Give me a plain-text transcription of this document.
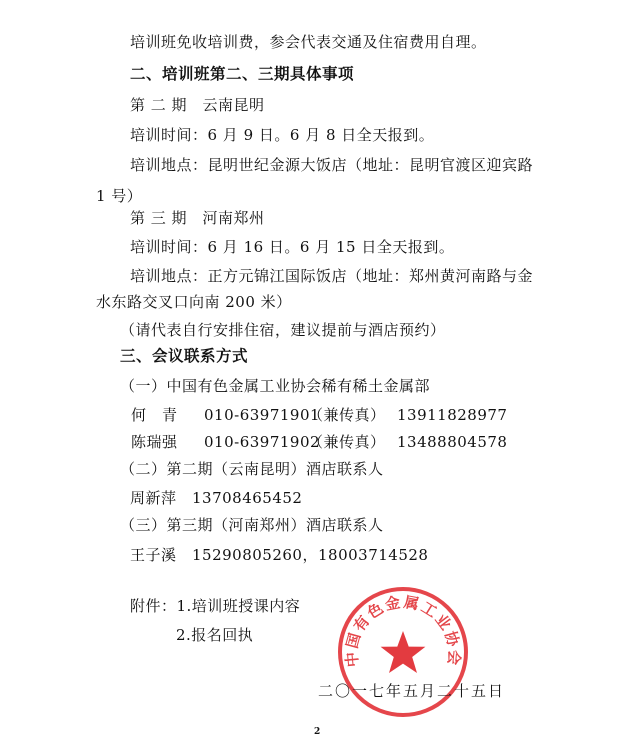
培训班免收培训费，参会代表交通及住宿费用自理。
二、培训班第二、三期具体事项
第 二 期　云南昆明
培训时间：6 月 9 日。6 月 8 日全天报到。
培训地点：昆明世纪金源大饭店（地址：昆明官渡区迎宾路
1 号）
第 三 期　河南郑州
培训时间：6 月 16 日。6 月 15 日全天报到。
培训地点：正方元锦江国际饭店（地址：郑州黄河南路与金
水东路交叉口向南 200 米）
（请代表自行安排住宿，建议提前与酒店预约）
三、会议联系方式
（一）中国有色金属工业协会稀有稀土金属部
何　青 010-63971901
（兼传真） 13911828977
陈瑞强 010-63971902
（兼传真） 13488804578
（二）第二期（云南昆明）酒店联系人
周新萍　13708465452
（三）第三期（河南郑州）酒店联系人
王子溪　15290805260，18003714528
附件：1.培训班授课内容
2.报名回执
中国有色金属工业协会
二〇一七年五月二十五日
2
